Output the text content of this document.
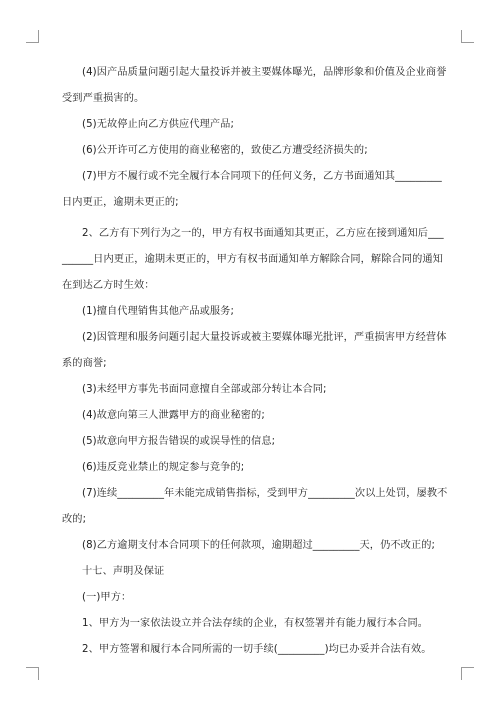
(4)因产品质量问题引起大量投诉并被主要媒体曝光，品牌形象和价值及企业商誉
受到严重损害的。
(5)无故停止向乙方供应代理产品;
(6)公开许可乙方使用的商业秘密的，致使乙方遭受经济损失的;
(7)甲方不履行或不完全履行本合同项下的任何义务，乙方书面通知其_________
日内更正，逾期未更正的;
2、乙方有下列行为之一的，甲方有权书面通知其更正，乙方应在接到通知后___
______日内更正，逾期未更正的，甲方有权书面通知单方解除合同，解除合同的通知
在到达乙方时生效：
(1)擅自代理销售其他产品或服务;
(2)因管理和服务问题引起大量投诉或被主要媒体曝光批评，严重损害甲方经营体
系的商誉;
(3)未经甲方事先书面同意擅自全部或部分转让本合同;
(4)故意向第三人泄露甲方的商业秘密的;
(5)故意向甲方报告错误的或误导性的信息;
(6)违反竞业禁止的规定参与竞争的;
(7)连续_________年未能完成销售指标，受到甲方_________次以上处罚，屡教不
改的;
(8)乙方逾期支付本合同项下的任何款项，逾期超过_________天，仍不改正的;
十七、声明及保证
(一)甲方：
1、甲方为一家依法设立并合法存续的企业，有权签署并有能力履行本合同。
2、甲方签署和履行本合同所需的一切手续(_________)均已办妥并合法有效。
